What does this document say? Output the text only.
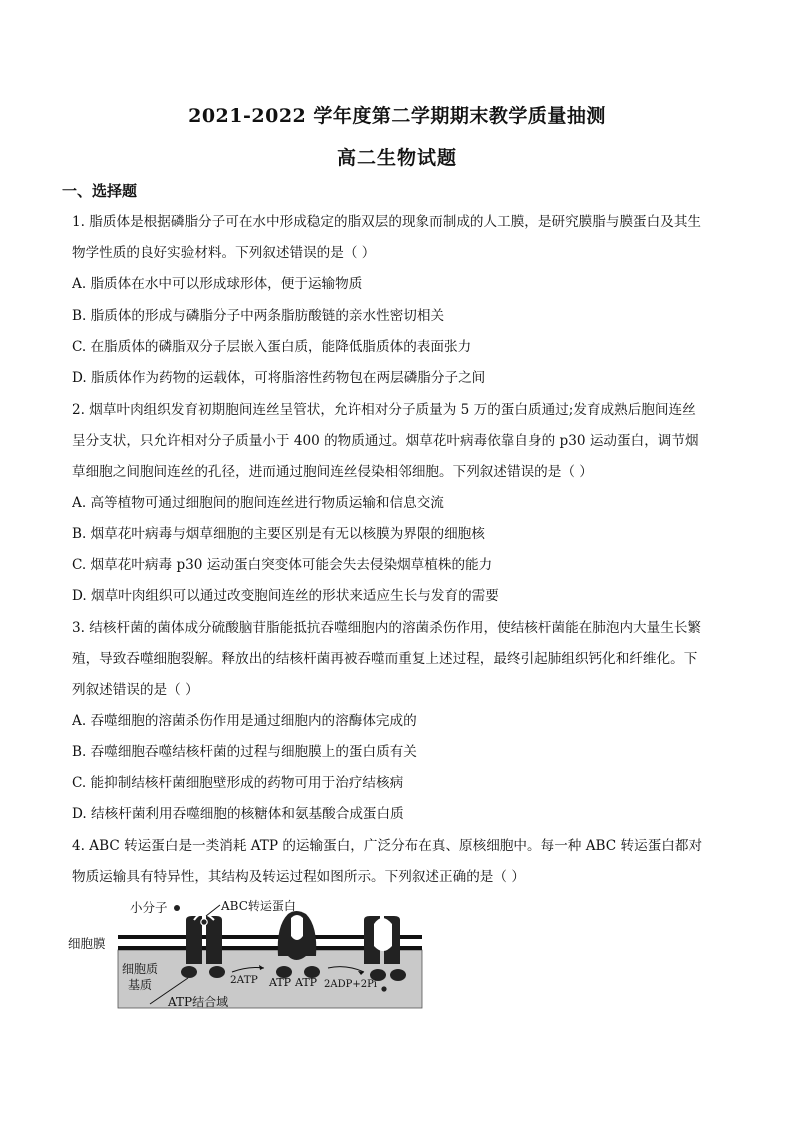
2021-2022 学年度第二学期期末教学质量抽测
高二生物试题
一、选择题
1. 脂质体是根据磷脂分子可在水中形成稳定的脂双层的现象而制成的人工膜，是研究膜脂与膜蛋白及其生
物学性质的良好实验材料。下列叙述错误的是（ ）
A. 脂质体在水中可以形成球形体，便于运输物质
B. 脂质体的形成与磷脂分子中两条脂肪酸链的亲水性密切相关
C. 在脂质体的磷脂双分子层嵌入蛋白质，能降低脂质体的表面张力
D. 脂质体作为药物的运载体，可将脂溶性药物包在两层磷脂分子之间
2. 烟草叶肉组织发育初期胞间连丝呈管状，允许相对分子质量为 5 万的蛋白质通过;发育成熟后胞间连丝
呈分支状，只允许相对分子质量小于 400 的物质通过。烟草花叶病毒依靠自身的 p30 运动蛋白，调节烟
草细胞之间胞间连丝的孔径，进而通过胞间连丝侵染相邻细胞。下列叙述错误的是（ ）
A. 高等植物可通过细胞间的胞间连丝进行物质运输和信息交流
B. 烟草花叶病毒与烟草细胞的主要区别是有无以核膜为界限的细胞核
C. 烟草花叶病毒 p30 运动蛋白突变体可能会失去侵染烟草植株的能力
D. 烟草叶肉组织可以通过改变胞间连丝的形状来适应生长与发育的需要
3. 结核杆菌的菌体成分硫酸脑苷脂能抵抗吞噬细胞内的溶菌杀伤作用，使结核杆菌能在肺泡内大量生长繁
殖，导致吞噬细胞裂解。释放出的结核杆菌再被吞噬而重复上述过程，最终引起肺组织钙化和纤维化。下
列叙述错误的是（ ）
A. 吞噬细胞的溶菌杀伤作用是通过细胞内的溶酶体完成的
B. 吞噬细胞吞噬结核杆菌的过程与细胞膜上的蛋白质有关
C. 能抑制结核杆菌细胞壁形成的药物可用于治疗结核病
D. 结核杆菌利用吞噬细胞的核糖体和氨基酸合成蛋白质
4. ABC 转运蛋白是一类消耗 ATP 的运输蛋白，广泛分布在真、原核细胞中。每一种 ABC 转运蛋白都对
物质运输具有特异性，其结构及转运过程如图所示。下列叙述正确的是（ ）
小分子	ABC转运蛋白
细胞膜
细胞质
基质
ATP结合域
2ATP ATP ATP 2ADP+2Pi
